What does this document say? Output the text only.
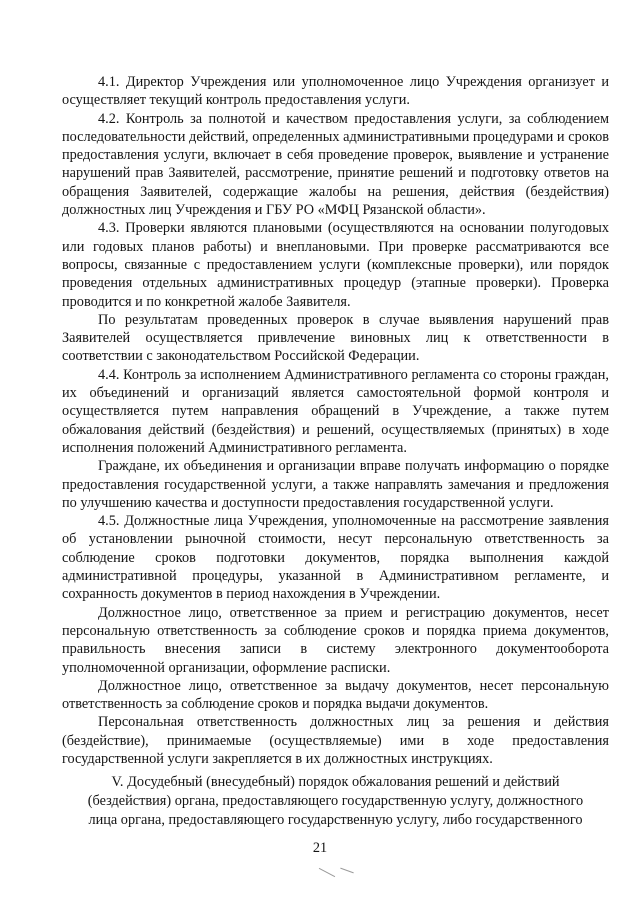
4.1. Директор Учреждения или уполномоченное лицо Учреждения организует и осуществляет текущий контроль предоставления услуги.

4.2. Контроль за полнотой и качеством предоставления услуги, за соблюдением последовательности действий, определенных административными процедурами и сроков предоставления услуги, включает в себя проведение проверок, выявление и устранение нарушений прав Заявителей, рассмотрение, принятие решений и подготовку ответов на обращения Заявителей, содержащие жалобы на решения, действия (бездействия) должностных лиц Учреждения и ГБУ РО «МФЦ Рязанской области».

4.3. Проверки являются плановыми (осуществляются на основании полугодовых или годовых планов работы) и внеплановыми. При проверке рассматриваются все вопросы, связанные с предоставлением услуги (комплексные проверки), или порядок проведения отдельных административных процедур (этапные проверки). Проверка проводится и по конкретной жалобе Заявителя.

По результатам проведенных проверок в случае выявления нарушений прав Заявителей осуществляется привлечение виновных лиц к ответственности в соответствии с законодательством Российской Федерации.

4.4. Контроль за исполнением Административного регламента со стороны граждан, их объединений и организаций является самостоятельной формой контроля и осуществляется путем направления обращений в Учреждение, а также путем обжалования действий (бездействия) и решений, осуществляемых (принятых) в ходе исполнения положений Административного регламента.

Граждане, их объединения и организации вправе получать информацию о порядке предоставления государственной услуги, а также направлять замечания и предложения по улучшению качества и доступности предоставления государственной услуги.

4.5. Должностные лица Учреждения, уполномоченные на рассмотрение заявления об установлении рыночной стоимости, несут персональную ответственность за соблюдение сроков подготовки документов, порядка выполнения каждой административной процедуры, указанной в Административном регламенте, и сохранность документов в период нахождения в Учреждении.

Должностное лицо, ответственное за прием и регистрацию документов, несет персональную ответственность за соблюдение сроков и порядка приема документов, правильность внесения записи в систему электронного документооборота уполномоченной организации, оформление расписки.

Должностное лицо, ответственное за выдачу документов, несет персональную ответственность за соблюдение сроков и порядка выдачи документов.

Персональная ответственность должностных лиц за решения и действия (бездействие), принимаемые (осуществляемые) ими в ходе предоставления государственной услуги закрепляется в их должностных инструкциях.

V. Досудебный (внесудебный) порядок обжалования решений и действий
(бездействия) органа, предоставляющего государственную услугу, должностного
лица органа, предоставляющего государственную услугу, либо государственного
21
